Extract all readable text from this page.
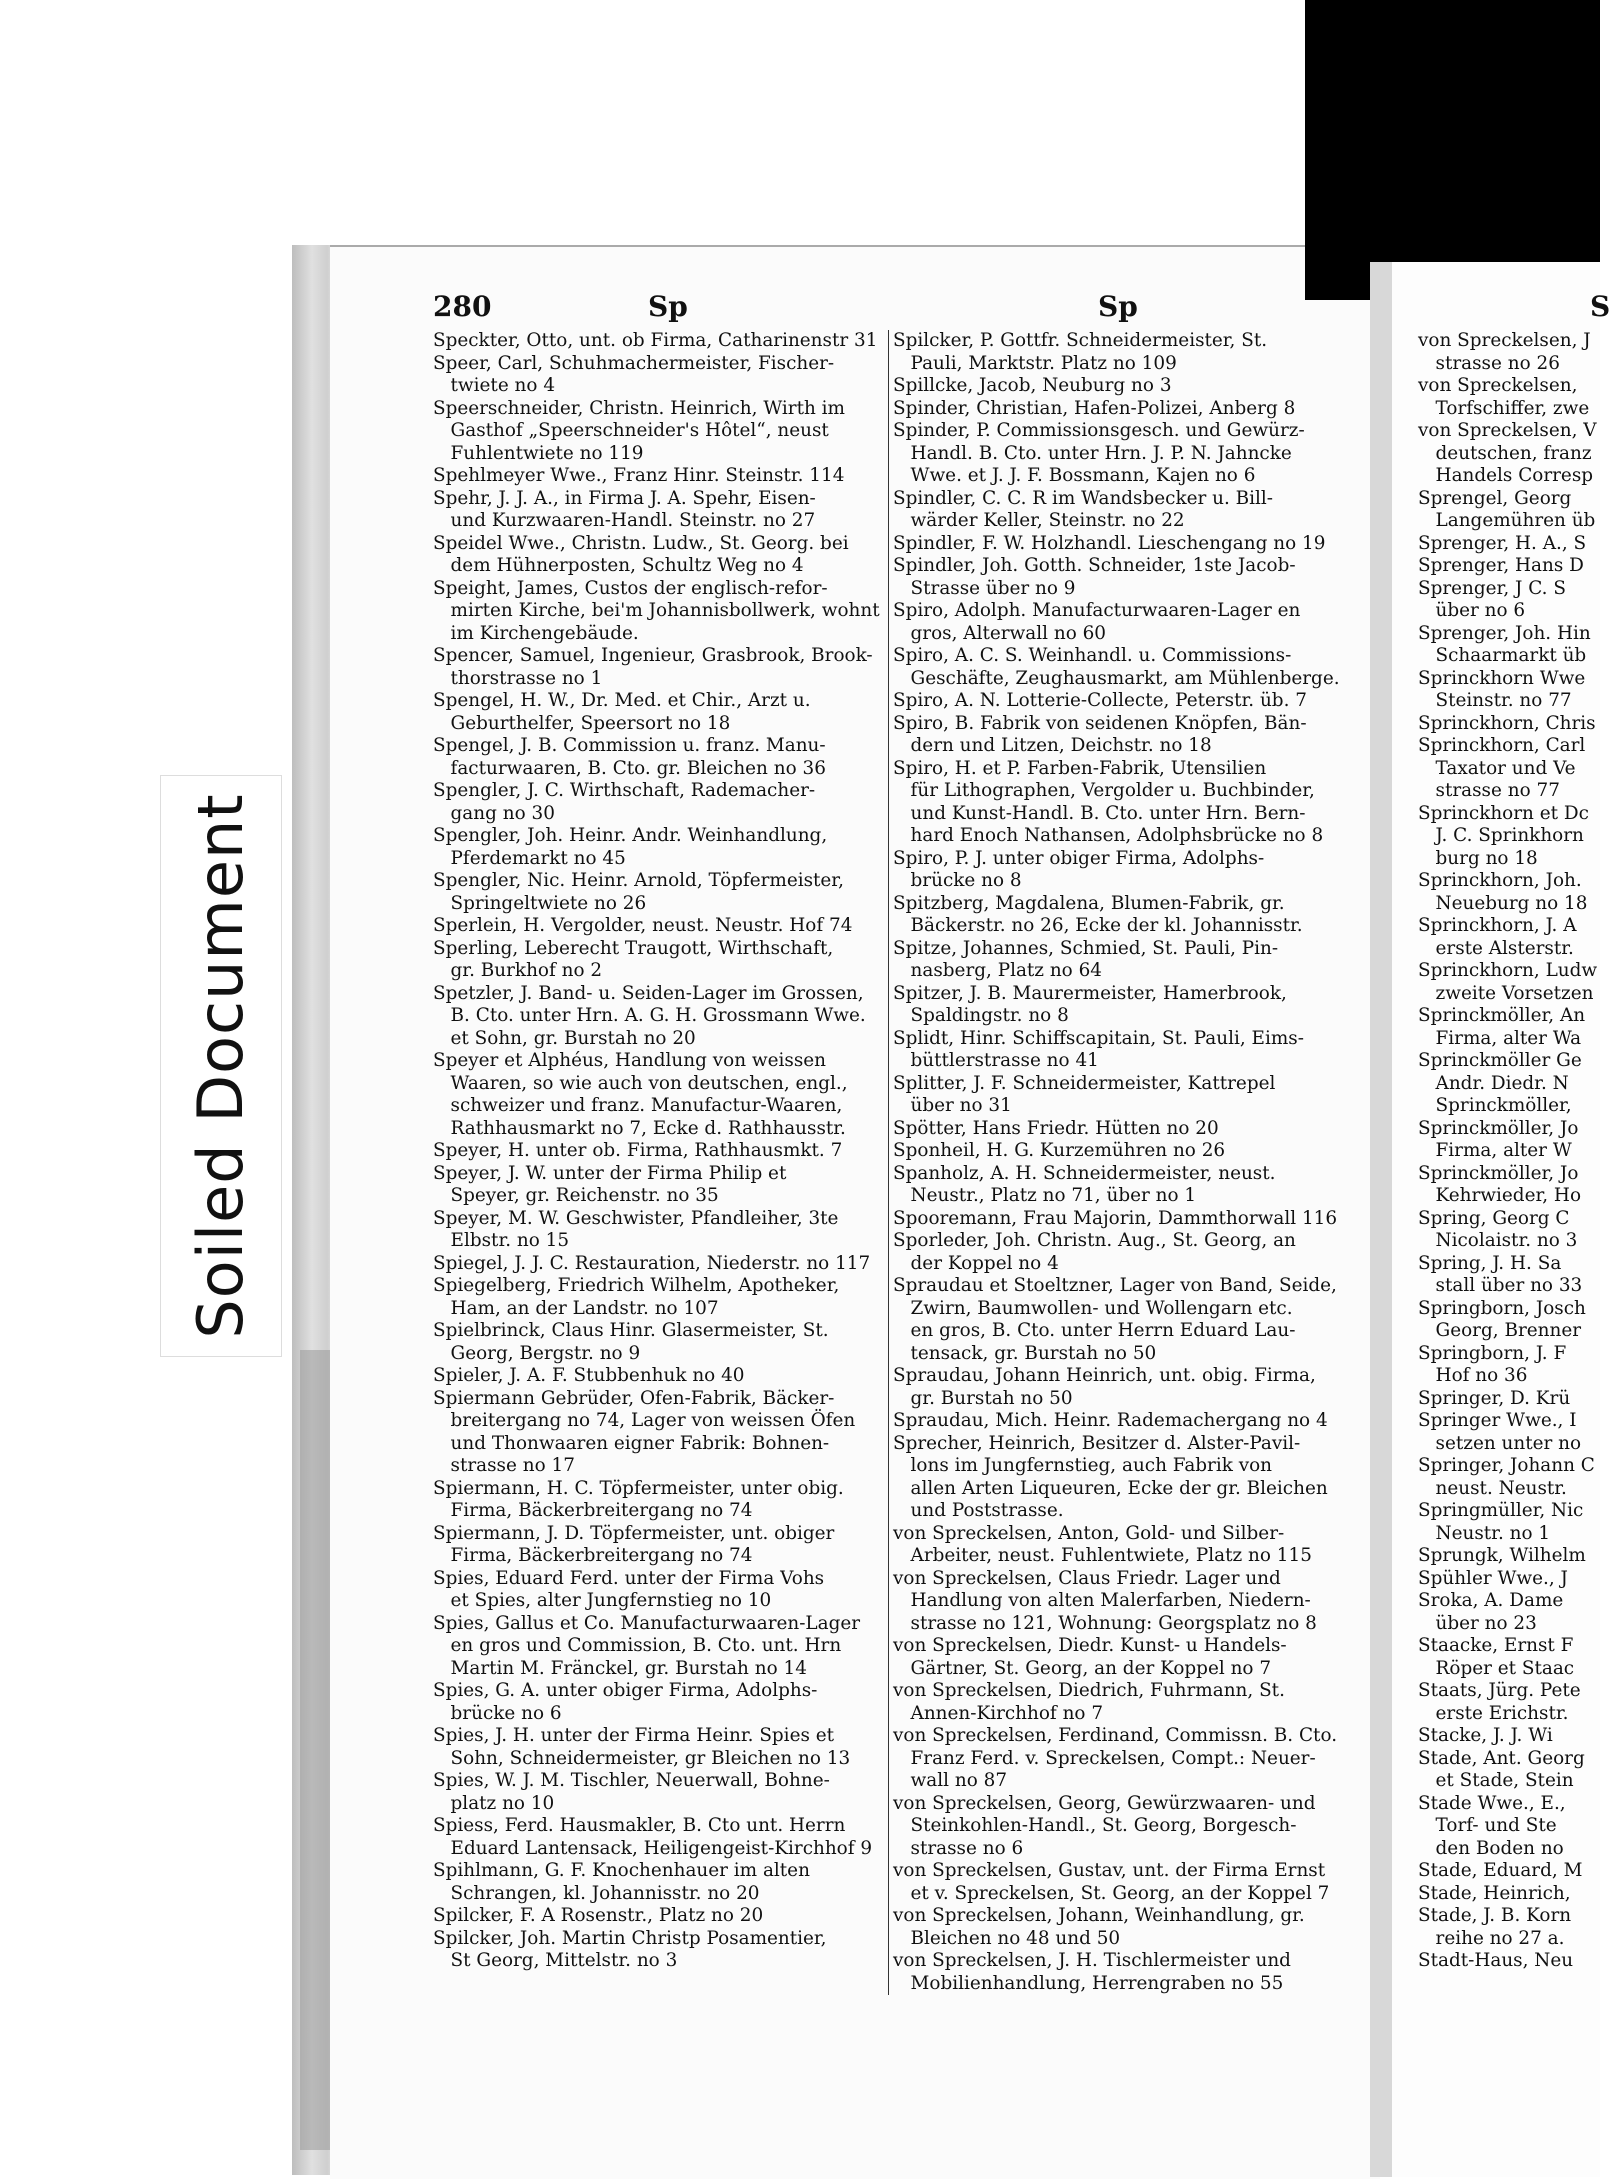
Soiled Document
280	Sp	Sp	S
Speckter, Otto, unt. ob Firma, Catharinenstr 31
Speer, Carl, Schuhmachermeister, Fischer-
twiete no 4
Speerschneider, Christn. Heinrich, Wirth im
Gasthof „Speerschneider's Hôtel“, neust
Fuhlentwiete no 119
Spehlmeyer Wwe., Franz Hinr. Steinstr. 114
Spehr, J. J. A., in Firma J. A. Spehr, Eisen-
und Kurzwaaren-Handl. Steinstr. no 27
Speidel Wwe., Christn. Ludw., St. Georg. bei
dem Hühnerposten, Schultz Weg no 4
Speight, James, Custos der englisch-refor-
mirten Kirche, bei'm Johannisbollwerk, wohnt
im Kirchengebäude.
Spencer, Samuel, Ingenieur, Grasbrook, Brook-
thorstrasse no 1
Spengel, H. W., Dr. Med. et Chir., Arzt u.
Geburthelfer, Speersort no 18
Spengel, J. B. Commission u. franz. Manu-
facturwaaren, B. Cto. gr. Bleichen no 36
Spengler, J. C. Wirthschaft, Rademacher-
gang no 30
Spengler, Joh. Heinr. Andr. Weinhandlung,
Pferdemarkt no 45
Spengler, Nic. Heinr. Arnold, Töpfermeister,
Springeltwiete no 26
Sperlein, H. Vergolder, neust. Neustr. Hof 74
Sperling, Leberecht Traugott, Wirthschaft,
gr. Burkhof no 2
Spetzler, J. Band- u. Seiden-Lager im Grossen,
B. Cto. unter Hrn. A. G. H. Grossmann Wwe.
et Sohn, gr. Burstah no 20
Speyer et Alphéus, Handlung von weissen
Waaren, so wie auch von deutschen, engl.,
schweizer und franz. Manufactur-Waaren,
Rathhausmarkt no 7, Ecke d. Rathhausstr.
Speyer, H. unter ob. Firma, Rathhausmkt. 7
Speyer, J. W. unter der Firma Philip et
Speyer, gr. Reichenstr. no 35
Speyer, M. W. Geschwister, Pfandleiher, 3te
Elbstr. no 15
Spiegel, J. J. C. Restauration, Niederstr. no 117
Spiegelberg, Friedrich Wilhelm, Apotheker,
Ham, an der Landstr. no 107
Spielbrinck, Claus Hinr. Glasermeister, St.
Georg, Bergstr. no 9
Spieler, J. A. F. Stubbenhuk no 40
Spiermann Gebrüder, Ofen-Fabrik, Bäcker-
breitergang no 74, Lager von weissen Öfen
und Thonwaaren eigner Fabrik: Bohnen-
strasse no 17
Spiermann, H. C. Töpfermeister, unter obig.
Firma, Bäckerbreitergang no 74
Spiermann, J. D. Töpfermeister, unt. obiger
Firma, Bäckerbreitergang no 74
Spies, Eduard Ferd. unter der Firma Vohs
et Spies, alter Jungfernstieg no 10
Spies, Gallus et Co. Manufacturwaaren-Lager
en gros und Commission, B. Cto. unt. Hrn
Martin M. Fränckel, gr. Burstah no 14
Spies, G. A. unter obiger Firma, Adolphs-
brücke no 6
Spies, J. H. unter der Firma Heinr. Spies et
Sohn, Schneidermeister, gr Bleichen no 13
Spies, W. J. M. Tischler, Neuerwall, Bohne-
platz no 10
Spiess, Ferd. Hausmakler, B. Cto unt. Herrn
Eduard Lantensack, Heiligengeist-Kirchhof 9
Spihlmann, G. F. Knochenhauer im alten
Schrangen, kl. Johannisstr. no 20
Spilcker, F. A Rosenstr., Platz no 20
Spilcker, Joh. Martin Christp Posamentier,
St Georg, Mittelstr. no 3
Spilcker, P. Gottfr. Schneidermeister, St.
Pauli, Marktstr. Platz no 109
Spillcke, Jacob, Neuburg no 3
Spinder, Christian, Hafen-Polizei, Anberg 8
Spinder, P. Commissionsgesch. und Gewürz-
Handl. B. Cto. unter Hrn. J. P. N. Jahncke
Wwe. et J. J. F. Bossmann, Kajen no 6
Spindler, C. C. R im Wandsbecker u. Bill-
wärder Keller, Steinstr. no 22
Spindler, F. W. Holzhandl. Lieschengang no 19
Spindler, Joh. Gotth. Schneider, 1ste Jacob-
Strasse über no 9
Spiro, Adolph. Manufacturwaaren-Lager en
gros, Alterwall no 60
Spiro, A. C. S. Weinhandl. u. Commissions-
Geschäfte, Zeughausmarkt, am Mühlenberge.
Spiro, A. N. Lotterie-Collecte, Peterstr. üb. 7
Spiro, B. Fabrik von seidenen Knöpfen, Bän-
dern und Litzen, Deichstr. no 18
Spiro, H. et P. Farben-Fabrik, Utensilien
für Lithographen, Vergolder u. Buchbinder,
und Kunst-Handl. B. Cto. unter Hrn. Bern-
hard Enoch Nathansen, Adolphsbrücke no 8
Spiro, P. J. unter obiger Firma, Adolphs-
brücke no 8
Spitzberg, Magdalena, Blumen-Fabrik, gr.
Bäckerstr. no 26, Ecke der kl. Johannisstr.
Spitze, Johannes, Schmied, St. Pauli, Pin-
nasberg, Platz no 64
Spitzer, J. B. Maurermeister, Hamerbrook,
Spaldingstr. no 8
Splidt, Hinr. Schiffscapitain, St. Pauli, Eims-
büttlerstrasse no 41
Splitter, J. F. Schneidermeister, Kattrepel
über no 31
Spötter, Hans Friedr. Hütten no 20
Sponheil, H. G. Kurzemühren no 26
Spanholz, A. H. Schneidermeister, neust.
Neustr., Platz no 71, über no 1
Spooremann, Frau Majorin, Dammthorwall 116
Sporleder, Joh. Christn. Aug., St. Georg, an
der Koppel no 4
Spraudau et Stoeltzner, Lager von Band, Seide,
Zwirn, Baumwollen- und Wollengarn etc.
en gros, B. Cto. unter Herrn Eduard Lau-
tensack, gr. Burstah no 50
Spraudau, Johann Heinrich, unt. obig. Firma,
gr. Burstah no 50
Spraudau, Mich. Heinr. Rademachergang no 4
Sprecher, Heinrich, Besitzer d. Alster-Pavil-
lons im Jungfernstieg, auch Fabrik von
allen Arten Liqueuren, Ecke der gr. Bleichen
und Poststrasse.
von Spreckelsen, Anton, Gold- und Silber-
Arbeiter, neust. Fuhlentwiete, Platz no 115
von Spreckelsen, Claus Friedr. Lager und
Handlung von alten Malerfarben, Niedern-
strasse no 121, Wohnung: Georgsplatz no 8
von Spreckelsen, Diedr. Kunst- u Handels-
Gärtner, St. Georg, an der Koppel no 7
von Spreckelsen, Diedrich, Fuhrmann, St.
Annen-Kirchhof no 7
von Spreckelsen, Ferdinand, Commissn. B. Cto.
Franz Ferd. v. Spreckelsen, Compt.: Neuer-
wall no 87
von Spreckelsen, Georg, Gewürzwaaren- und
Steinkohlen-Handl., St. Georg, Borgesch-
strasse no 6
von Spreckelsen, Gustav, unt. der Firma Ernst
et v. Spreckelsen, St. Georg, an der Koppel 7
von Spreckelsen, Johann, Weinhandlung, gr.
Bleichen no 48 und 50
von Spreckelsen, J. H. Tischlermeister und
Mobilienhandlung, Herrengraben no 55
von Spreckelsen, J
strasse no 26
von Spreckelsen,
Torfschiffer, zwe
von Spreckelsen, V
deutschen, franz
Handels Corresp
Sprengel, Georg
Langemühren üb
Sprenger, H. A., S
Sprenger, Hans D
Sprenger, J C. S
über no 6
Sprenger, Joh. Hin
Schaarmarkt üb
Sprinckhorn Wwe
Steinstr. no 77
Sprinckhorn, Chris
Sprinckhorn, Carl
Taxator und Ve
strasse no 77
Sprinckhorn et Dc
J. C. Sprinkhorn
burg no 18
Sprinckhorn, Joh.
Neueburg no 18
Sprinckhorn, J. A
erste Alsterstr.
Sprinckhorn, Ludw
zweite Vorsetzen
Sprinckmöller, An
Firma, alter Wa
Sprinckmöller Ge
Andr. Diedr. N
Sprinckmöller,
Sprinckmöller, Jo
Firma, alter W
Sprinckmöller, Jo
Kehrwieder, Ho
Spring, Georg C
Nicolaistr. no 3
Spring, J. H. Sa
stall über no 33
Springborn, Josch
Georg, Brenner
Springborn, J. F
Hof no 36
Springer, D. Krü
Springer Wwe., I
setzen unter no
Springer, Johann C
neust. Neustr.
Springmüller, Nic
Neustr. no 1
Sprungk, Wilhelm
Spühler Wwe., J
Sroka, A. Dame
über no 23
Staacke, Ernst F
Röper et Staac
Staats, Jürg. Pete
erste Erichstr.
Stacke, J. J. Wi
Stade, Ant. Georg
et Stade, Stein
Stade Wwe., E.,
Torf- und Ste
den Boden no
Stade, Eduard, M
Stade, Heinrich,
Stade, J. B. Korn
reihe no 27 a.
Stadt-Haus, Neu
